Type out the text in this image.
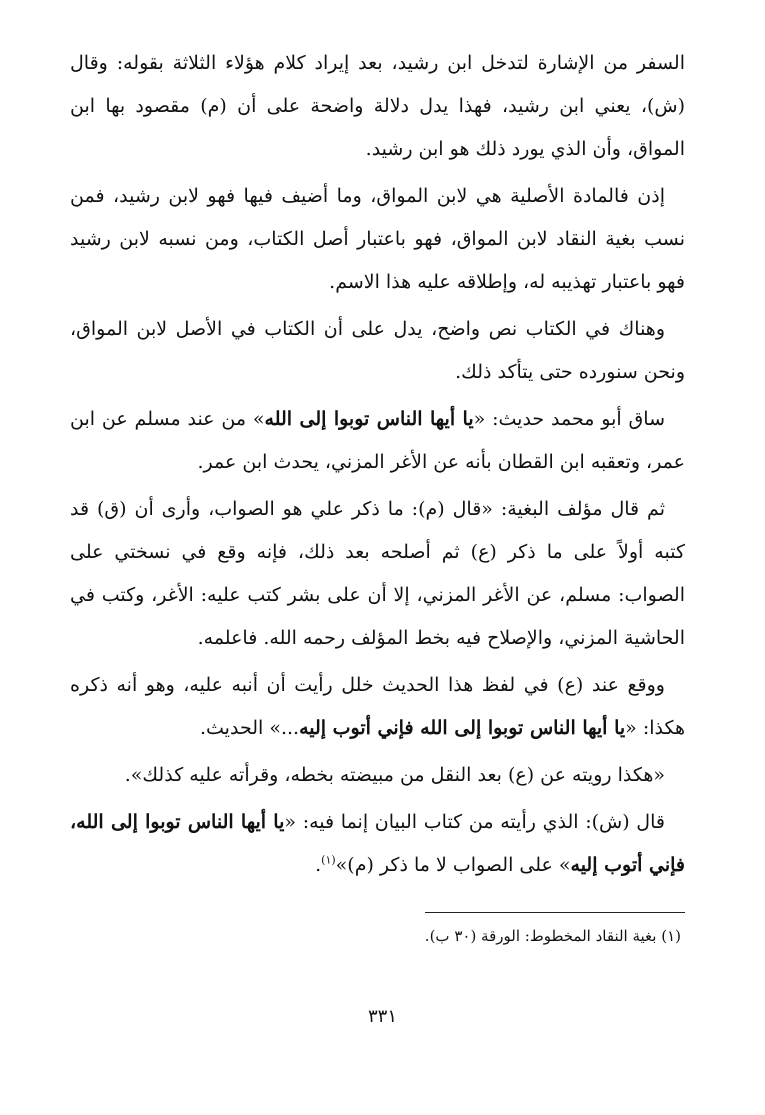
السفر من الإشارة لتدخل ابن رشيد، بعد إيراد كلام هؤلاء الثلاثة بقوله: وقال (ش)، يعني ابن رشيد، فهذا يدل دلالة واضحة على أن (م) مقصود بها ابن المواق، وأن الذي يورد ذلك هو ابن رشيد.

إذن فالمادة الأصلية هي لابن المواق، وما أضيف فيها فهو لابن رشيد، فمن نسب بغية النقاد لابن المواق، فهو باعتبار أصل الكتاب، ومن نسبه لابن رشيد فهو باعتبار تهذيبه له، وإطلاقه عليه هذا الاسم.

وهناك في الكتاب نص واضح، يدل على أن الكتاب في الأصل لابن المواق، ونحن سنورده حتى يتأكد ذلك.

ساق أبو محمد حديث: «يا أيها الناس توبوا إلى الله» من عند مسلم عن ابن عمر، وتعقبه ابن القطان بأنه عن الأغر المزني، يحدث ابن عمر.

ثم قال مؤلف البغية: «قال (م): ما ذكر علي هو الصواب، وأرى أن (ق) قد كتبه أولاً على ما ذكر (ع) ثم أصلحه بعد ذلك، فإنه وقع في نسختي على الصواب: مسلم، عن الأغر المزني، إلا أن على بشر كتب عليه: الأغر، وكتب في الحاشية المزني، والإصلاح فيه بخط المؤلف رحمه الله. فاعلمه.

ووقع عند (ع) في لفظ هذا الحديث خلل رأيت أن أنبه عليه، وهو أنه ذكره هكذا: «يا أيها الناس توبوا إلى الله فإني أتوب إليه...» الحديث.

«هكذا رويته عن (ع) بعد النقل من مبيضته بخطه، وقرأته عليه كذلك».

قال (ش): الذي رأيته من كتاب البيان إنما فيه: «يا أيها الناس توبوا إلى الله، فإني أتوب إليه» على الصواب لا ما ذكر (م)»$^{(١)}$.

(١) بغية النقاد المخطوط: الورقة (٣٠ ب).
٣٣١
